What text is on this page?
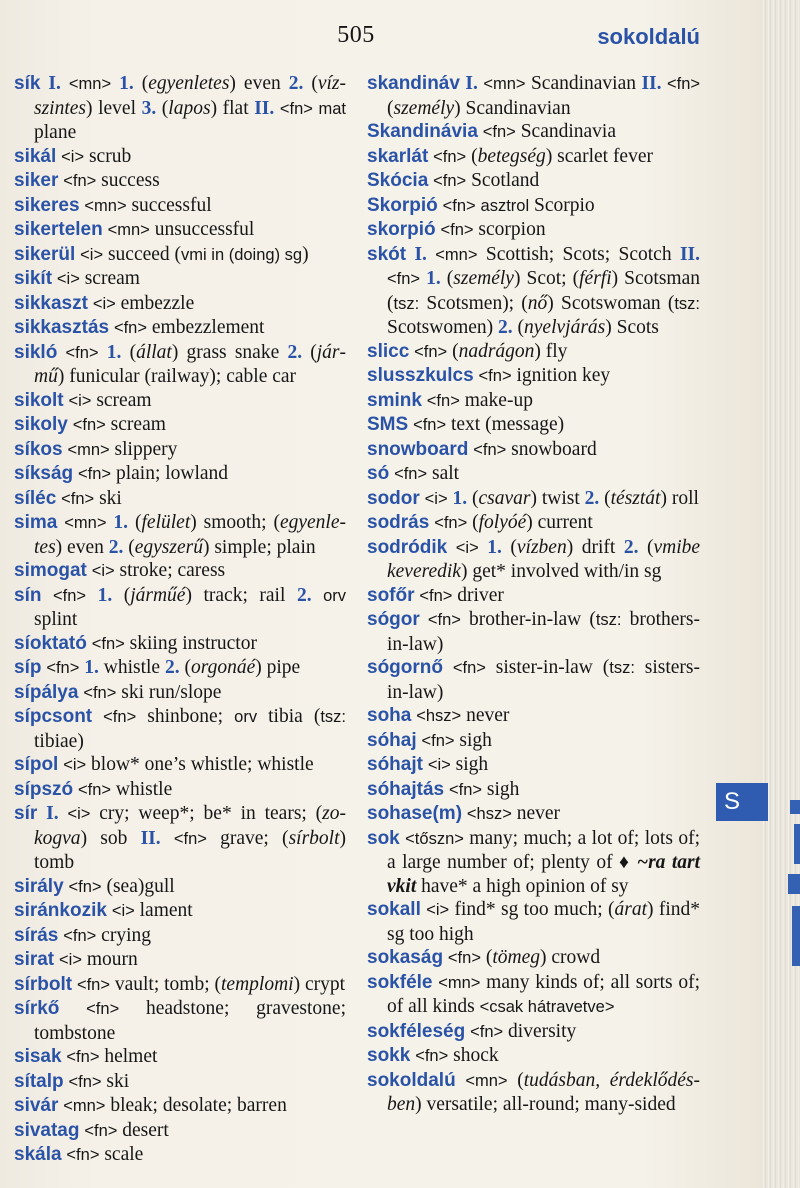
505	sokoldalú

sík I. <mn> 1. (egyenletes) even 2. (vízszintes) level 3. (lapos) flat II. <fn> mat plane

sikál <i> scrub

siker <fn> success

sikeres <mn> successful

sikertelen <mn> unsuccessful

sikerül <i> succeed (vmi in (doing) sg)

sikít <i> scream

sikkaszt <i> embezzle

sikkasztás <fn> embezzlement

sikló <fn> 1. (állat) grass snake 2. (jármű) funicular (railway); cable car

sikolt <i> scream

sikoly <fn> scream

síkos <mn> slippery

síkság <fn> plain; lowland

síléc <fn> ski

sima <mn> 1. (felület) smooth; (egyenletes) even 2. (egyszerű) simple; plain

simogat <i> stroke; caress

sín <fn> 1. (járműé) track; rail 2. orv splint

síoktató <fn> skiing instructor

síp <fn> 1. whistle 2. (orgonáé) pipe

sípálya <fn> ski run/slope

sípcsont <fn> shinbone; orv tibia (tsz: tibiae)

sípol <i> blow* one’s whistle; whistle

sípszó <fn> whistle

sír I. <i> cry; weep*; be* in tears; (zokogva) sob II. <fn> grave; (sírbolt) tomb

sirály <fn> (sea)gull

siránkozik <i> lament

sírás <fn> crying

sirat <i> mourn

sírbolt <fn> vault; tomb; (templomi) crypt

sírkő <fn> headstone; gravestone; tombstone

sisak <fn> helmet

sítalp <fn> ski

sivár <mn> bleak; desolate; barren

sivatag <fn> desert

skála <fn> scale

skandináv I. <mn> Scandinavian II. <fn> (személy) Scandinavian

Skandinávia <fn> Scandinavia

skarlát <fn> (betegség) scarlet fever

Skócia <fn> Scotland

Skorpió <fn> asztrol Scorpio

skorpió <fn> scorpion

skót I. <mn> Scottish; Scots; Scotch II. <fn> 1. (személy) Scot; (férfi) Scotsman (tsz: Scotsmen); (nő) Scotswoman (tsz: Scotswomen) 2. (nyelvjárás) Scots

slicc <fn> (nadrágon) fly

slusszkulcs <fn> ignition key

smink <fn> make-up

SMS <fn> text (message)

snowboard <fn> snowboard

só <fn> salt

sodor <i> 1. (csavar) twist 2. (tésztát) roll

sodrás <fn> (folyóé) current

sodródik <i> 1. (vízben) drift 2. (vmibe keveredik) get* involved with/in sg

sofőr <fn> driver

sógor <fn> brother-in-law (tsz: brothers-in-law)

sógornő <fn> sister-in-law (tsz: sisters-in-law)

soha <hsz> never

sóhaj <fn> sigh

sóhajt <i> sigh

sóhajtás <fn> sigh

sohase(m) <hsz> never

sok <tőszn> many; much; a lot of; lots of; a large number of; plenty of ♦ ~ra tart vkit have* a high opinion of sy

sokall <i> find* sg too much; (árat) find* sg too high

sokaság <fn> (tömeg) crowd

sokféle <mn> many kinds of; all sorts of; of all kinds <csak hátravetve>

sokféleség <fn> diversity

sokk <fn> shock

sokoldalú <mn> (tudásban, érdeklődésben) versatile; all-round; many-sided

S
